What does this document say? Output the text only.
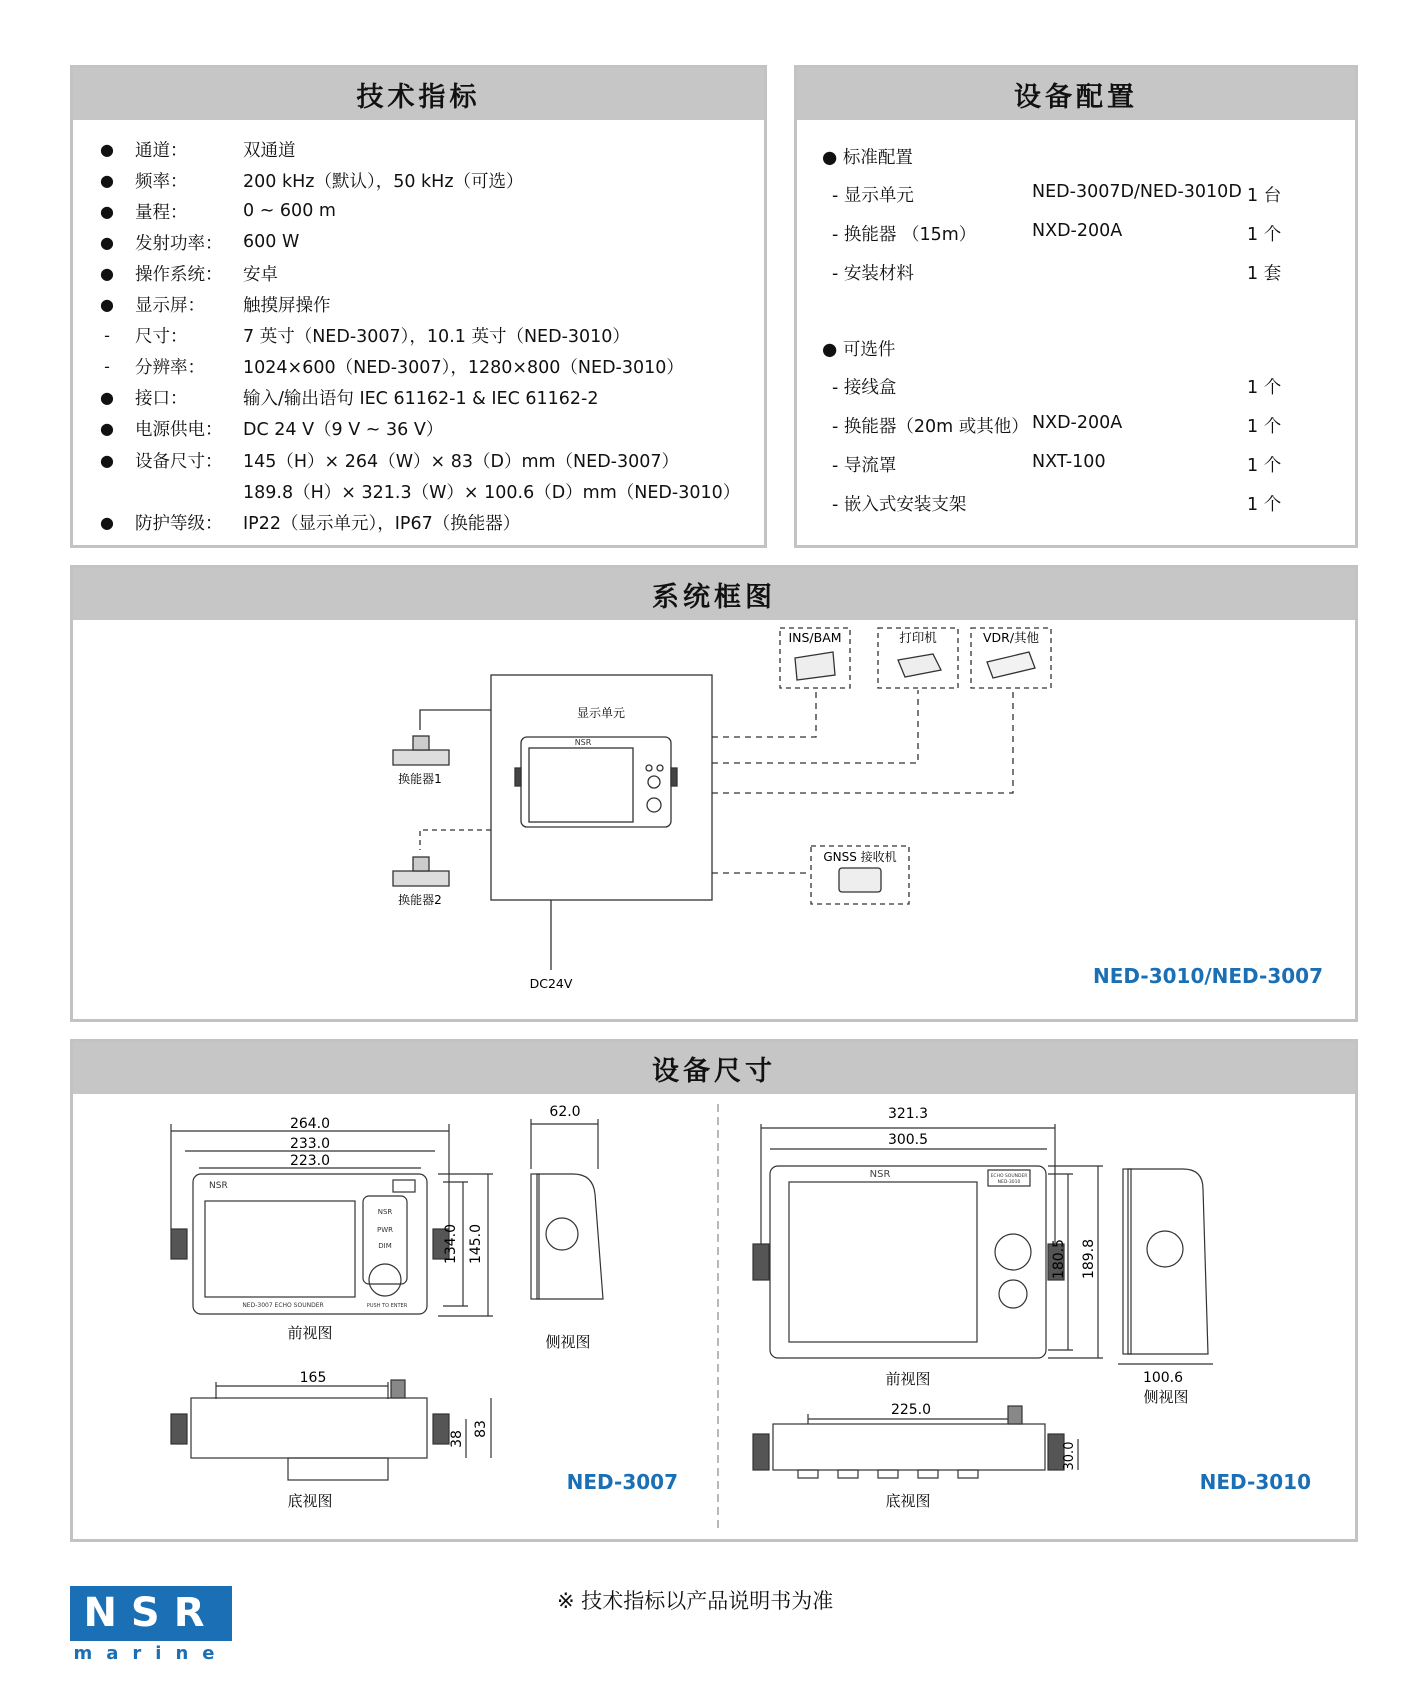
技术指标
● 通道：	双通道
● 频率：	200 kHz（默认），50 kHz（可选）
● 量程：	0 ~ 600 m
● 发射功率： 600 W
● 操作系统： 安卓
● 显示屏： 触摸屏操作
- 尺寸：	7 英寸（NED-3007），10.1 英寸（NED-3010）
- 分辨率： 1024×600（NED-3007），1280×800（NED-3010）
● 接口：	输入/输出语句 IEC 61162-1 & IEC 61162-2
● 电源供电： DC 24 V（9 V ~ 36 V）
● 设备尺寸： 145（H）× 264（W）× 83（D）mm（NED-3007）
189.8（H）× 321.3（W）× 100.6（D）mm（NED-3010）
● 防护等级： IP22（显示单元），IP67（换能器）
设备配置
● 标准配置
- 显示单元	NED-3007D/NED-3010D 1 台
- 换能器 （15m）	NXD-200A	1 个
- 安装材料	1 套
● 可选件
- 接线盒	1 个
- 换能器（20m 或其他） NXD-200A	1 个
- 导流罩	NXT-100	1 个
- 嵌入式安装支架	1 个
系统框图
显示单元
NSR
换能器1
换能器2
INS/BAM	打印机	VDR/其他
GNSS 接收机
DC24V	NED-3010/NED-3007
设备尺寸
264.0
233.0
223.0
134.0 145.0
62.0
NSR
NSR
PWR
DIM
NED-3007 ECHO SOUNDER	PUSH TO ENTER
前视图	侧视图
165
38
83
底视图
NED-3007
321.3
300.5
180.5 189.8
NSR	ECHO SOUNDER
NED-3010
100.6
前视图
侧视图
225.0
30.0
底视图
NED-3010
NSR
marine
※ 技术指标以产品说明书为准
